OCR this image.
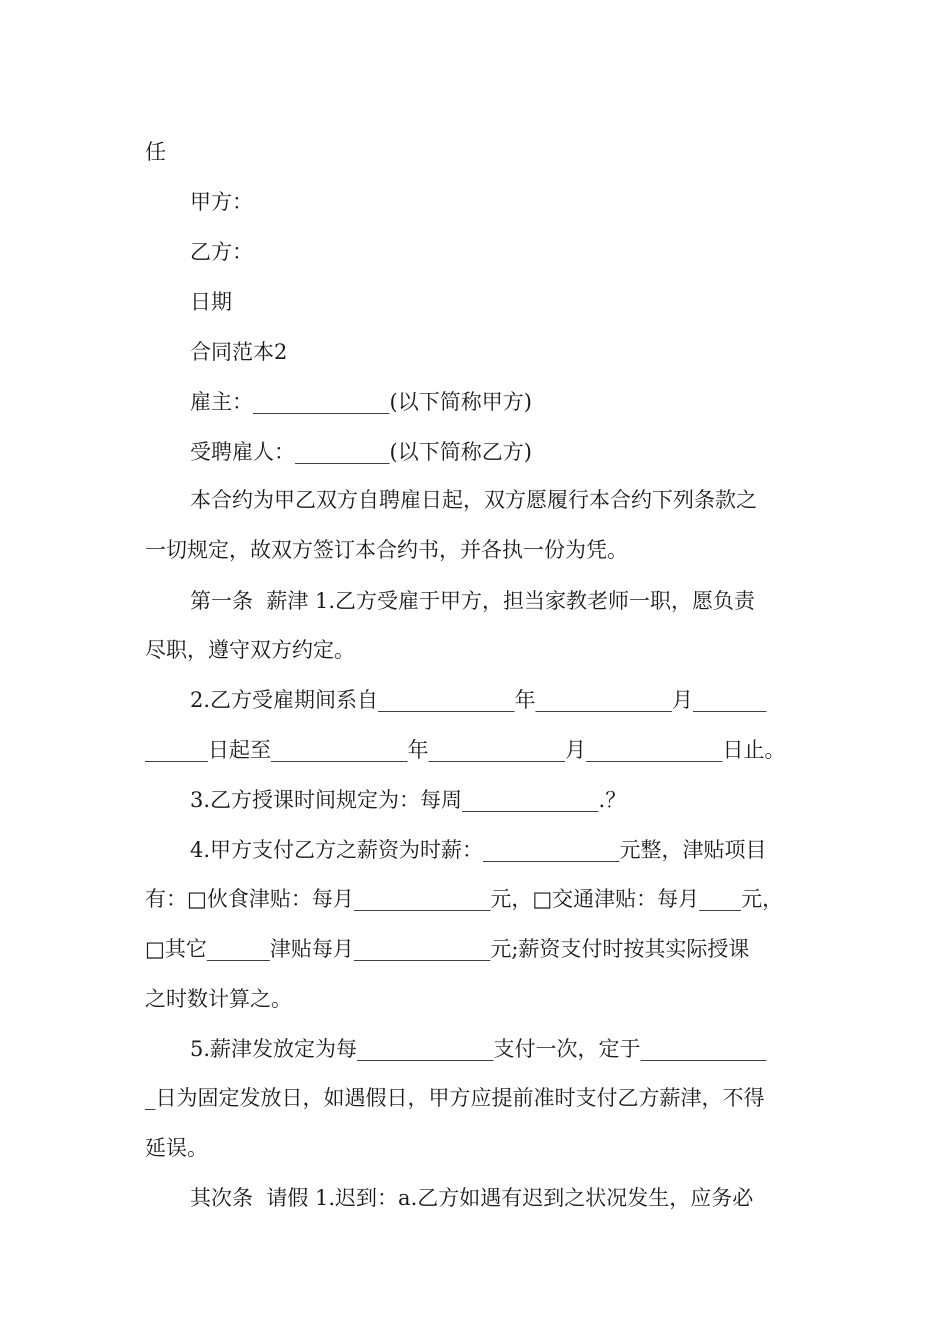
任
甲方：
乙方：
日期
合同范本2
雇主：_____________(以下简称甲方)
受聘雇人：_________(以下简称乙方)
本合约为甲乙双方自聘雇日起，双方愿履行本合约下列条款之
一切规定，故双方签订本合约书，并各执一份为凭。
第一条  薪津 1.乙方受雇于甲方，担当家教老师一职，愿负责
尽职，遵守双方约定。
2.乙方受雇期间系自_____________年_____________月_______
______日起至_____________年_____________月_____________日止。
3.乙方授课时间规定为：每周_____________.？
4.甲方支付乙方之薪资为时薪：_____________元整，津贴项目
有：□伙食津贴：每月_____________元，□交通津贴：每月____元，
□其它______津贴每月_____________元;薪资支付时按其实际授课
之时数计算之。
5.薪津发放定为每_____________支付一次，定于____________
_日为固定发放日，如遇假日，甲方应提前准时支付乙方薪津，不得
延误。
其次条  请假 1.迟到：a.乙方如遇有迟到之状况发生，应务必
